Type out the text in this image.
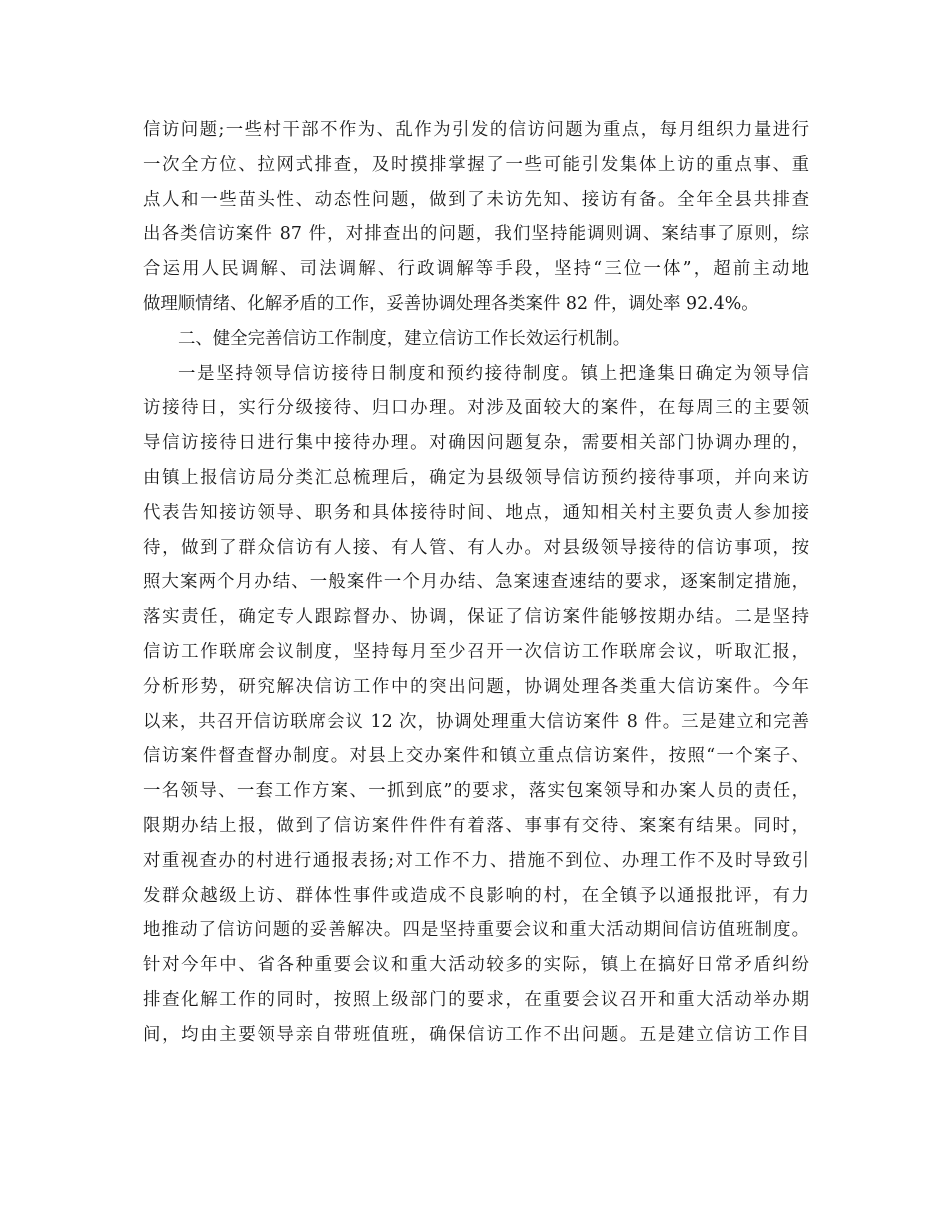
信访问题;一些村干部不作为、乱作为引发的信访问题为重点，每月组织力量进行
一次全方位、拉网式排查，及时摸排掌握了一些可能引发集体上访的重点事、重
点人和一些苗头性、动态性问题，做到了未访先知、接访有备。全年全县共排查
出各类信访案件 87 件，对排查出的问题，我们坚持能调则调、案结事了原则，综
合运用人民调解、司法调解、行政调解等手段，坚持“三位一体”，超前主动地
做理顺情绪、化解矛盾的工作，妥善协调处理各类案件 82 件，调处率 92.4%。
二、健全完善信访工作制度，建立信访工作长效运行机制。
一是坚持领导信访接待日制度和预约接待制度。镇上把逢集日确定为领导信
访接待日，实行分级接待、归口办理。对涉及面较大的案件，在每周三的主要领
导信访接待日进行集中接待办理。对确因问题复杂，需要相关部门协调办理的，
由镇上报信访局分类汇总梳理后，确定为县级领导信访预约接待事项，并向来访
代表告知接访领导、职务和具体接待时间、地点，通知相关村主要负责人参加接
待，做到了群众信访有人接、有人管、有人办。对县级领导接待的信访事项，按
照大案两个月办结、一般案件一个月办结、急案速查速结的要求，逐案制定措施，
落实责任，确定专人跟踪督办、协调，保证了信访案件能够按期办结。二是坚持
信访工作联席会议制度，坚持每月至少召开一次信访工作联席会议，听取汇报，
分析形势，研究解决信访工作中的突出问题，协调处理各类重大信访案件。今年
以来，共召开信访联席会议 12 次，协调处理重大信访案件 8 件。三是建立和完善
信访案件督查督办制度。对县上交办案件和镇立重点信访案件，按照“一个案子、
一名领导、一套工作方案、一抓到底”的要求，落实包案领导和办案人员的责任，
限期办结上报，做到了信访案件件件有着落、事事有交待、案案有结果。同时，
对重视查办的村进行通报表扬;对工作不力、措施不到位、办理工作不及时导致引
发群众越级上访、群体性事件或造成不良影响的村，在全镇予以通报批评，有力
地推动了信访问题的妥善解决。四是坚持重要会议和重大活动期间信访值班制度。
针对今年中、省各种重要会议和重大活动较多的实际，镇上在搞好日常矛盾纠纷
排查化解工作的同时，按照上级部门的要求，在重要会议召开和重大活动举办期
间，均由主要领导亲自带班值班，确保信访工作不出问题。五是建立信访工作目
